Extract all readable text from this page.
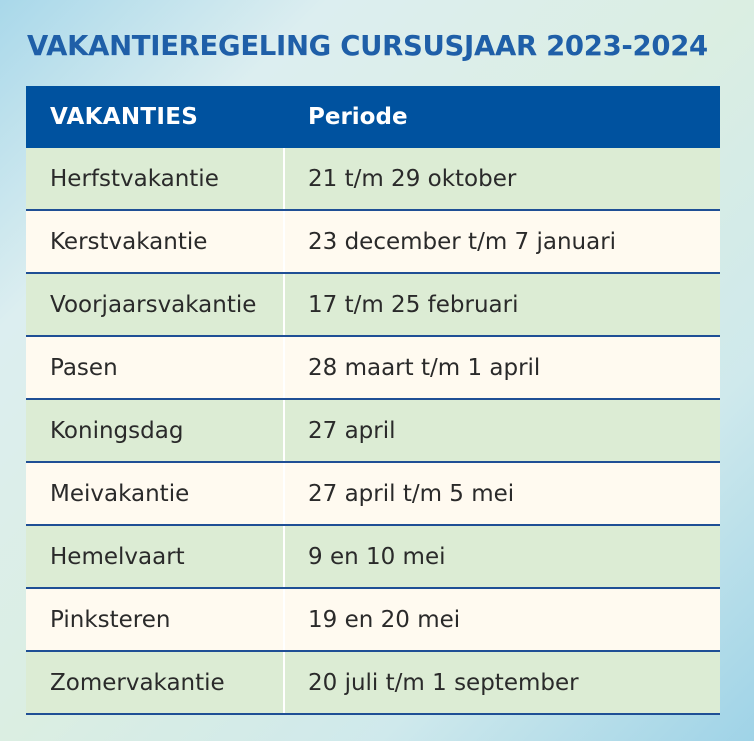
VAKANTIEREGELING CURSUSJAAR 2023-2024
VAKANTIES	Periode
Herfstvakantie	21 t/m 29 oktober
Kerstvakantie	23 december t/m 7 januari
Voorjaarsvakantie	17 t/m 25 februari
Pasen	28 maart t/m 1 april
Koningsdag	27 april
Meivakantie	27 april t/m 5 mei
Hemelvaart	9 en 10 mei
Pinksteren	19 en 20 mei
Zomervakantie	20 juli t/m 1 september
